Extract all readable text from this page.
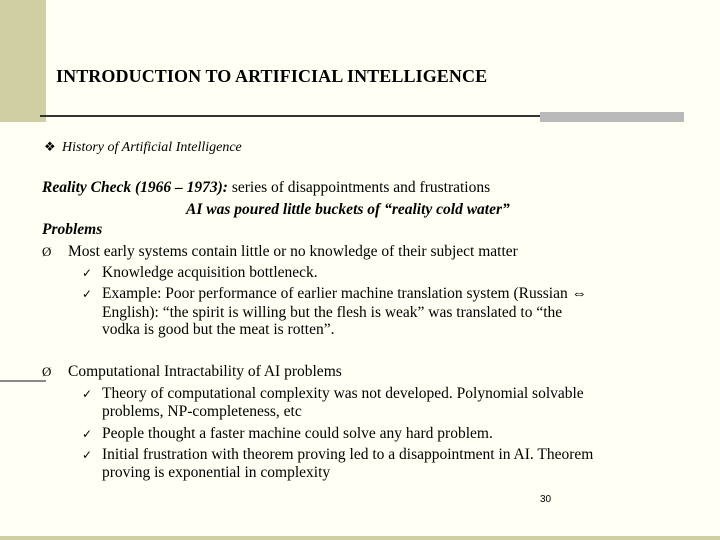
INTRODUCTION TO ARTIFICIAL INTELLIGENCE
❖ History of Artificial Intelligence
Reality Check (1966 – 1973): series of disappointments and frustrations
AI was poured little buckets of “reality cold water”
Problems
Ø Most early systems contain little or no knowledge of their subject matter
✓ Knowledge acquisition bottleneck.
✓ Example: Poor performance of earlier machine translation system (Russian ⇔
English): “the spirit is willing but the flesh is weak” was translated to “the
vodka is good but the meat is rotten”.
Ø Computational Intractability of AI problems
✓ Theory of computational complexity was not developed. Polynomial solvable
problems, NP-completeness, etc
✓ People thought a faster machine could solve any hard problem.
✓ Initial frustration with theorem proving led to a disappointment in AI. Theorem
proving is exponential in complexity
30
